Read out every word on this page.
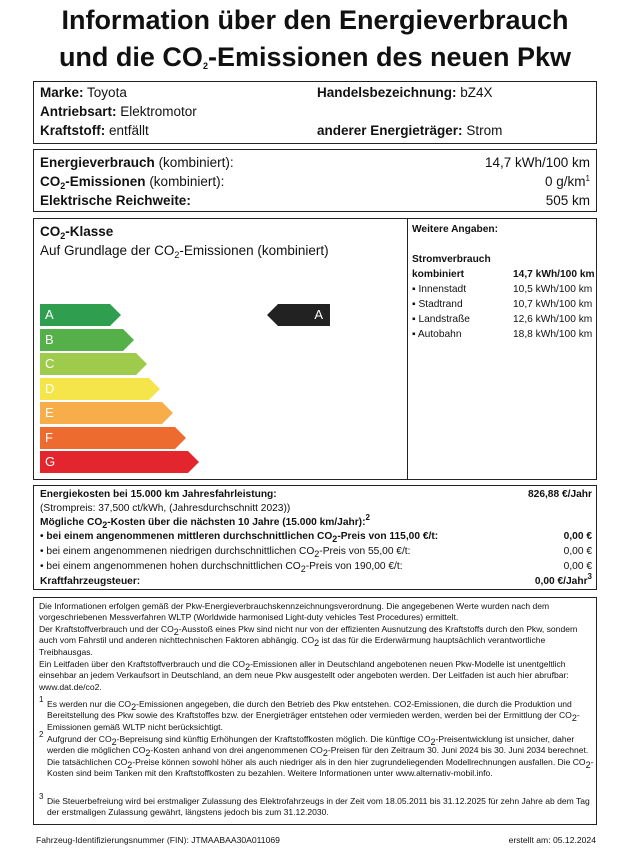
Information über den Energieverbrauch
und die $CO_2$-Emissionen des neuen Pkw
Marke: Toyota	Handelsbezeichnung: bZ4X
Antriebsart: Elektromotor
Kraftstoff: entfällt	anderer Energieträger: Strom
Energieverbrauch (kombiniert):	14,7 kWh/100 km
$CO_2$-Emissionen (kombiniert):	0 $g/km^1$
Elektrische Reichweite:	505 km
$CO_2$-Klasse
Auf Grundlage der $CO_2$-Emissionen (kombiniert)
A
B
C
D
E
F
G
A
Weitere Angaben:
Stromverbrauch
kombiniert	14,7 kWh/100 km
▪ Innenstadt	10,5 kWh/100 km
▪ Stadtrand	10,7 kWh/100 km
▪ Landstraße	12,6 kWh/100 km
▪ Autobahn	18,8 kWh/100 km
Energiekosten bei 15.000 km Jahresfahrleistung:	826,88 €/Jahr
(Strompreis: 37,500 ct/kWh, (Jahresdurchschnitt 2023))
Mögliche $CO_2$-Kosten über die nächsten 10 Jahre (15.000 km/Jahr):$^2$
• bei einem angenommenen mittleren durchschnittlichen $CO_2$-Preis von 115,00 €/t:	0,00 €
• bei einem angenommenen niedrigen durchschnittlichen $CO_2$-Preis von 55,00 €/t:	0,00 €
• bei einem angenommenen hohen durchschnittlichen $CO_2$-Preis von 190,00 €/t:	0,00 €
Kraftfahrzeugsteuer:	0,00 €/Jahr$^3$
Die Informationen erfolgen gemäß der Pkw-Energieverbrauchskennzeichnungsverordnung. Die angegebenen Werte wurden nach dem vorgeschriebenen Messverfahren WLTP (Worldwide harmonised Light-duty vehicles Test Procedures) ermittelt.
Der Kraftstoffverbrauch und der $CO_2$-Ausstoß eines Pkw sind nicht nur von der effizienten Ausnutzung des Kraftstoffs durch den Pkw, sondern auch vom Fahrstil und anderen nichttechnischen Faktoren abhängig. $CO_2$ ist das für die Erderwärmung hauptsächlich verantwortliche Treibhausgas.
Ein Leitfaden über den Kraftstoffverbrauch und die $CO_2$-Emissionen aller in Deutschland angebotenen neuen Pkw-Modelle ist unentgeltlich einsehbar an jedem Verkaufsort in Deutschland, an dem neue Pkw ausgestellt oder angeboten werden. Der Leitfaden ist auch hier abrufbar: www.dat.de/co2.
$^1$ Es werden nur die $CO_2$-Emissionen angegeben, die durch den Betrieb des Pkw entstehen. CO2-Emissionen, die durch die Produktion und Bereitstellung des Pkw sowie des Kraftstoffes bzw. der Energieträger entstehen oder vermieden werden, werden bei der Ermittlung der $CO_2$-Emissionen gemäß WLTP nicht berücksichtigt.
$^2$ Aufgrund der $CO_2$-Bepreisung sind künftig Erhöhungen der Kraftstoffkosten möglich. Die künftige $CO_2$-Preisentwicklung ist unsicher, daher werden die möglichen $CO_2$-Kosten anhand von drei angenommenen $CO_2$-Preisen für den Zeitraum 30. Juni 2024 bis 30. Juni 2034 berechnet. Die tatsächlichen $CO_2$-Preise können sowohl höher als auch niedriger als in den hier zugrundeliegenden Modellrechnungen ausfallen. Die $CO_2$-Kosten sind beim Tanken mit den Kraftstoffkosten zu bezahlen. Weitere Informationen unter www.alternativ-mobil.info.
$^3$ Die Steuerbefreiung wird bei erstmaliger Zulassung des Elektrofahrzeugs in der Zeit vom 18.05.2011 bis 31.12.2025 für zehn Jahre ab dem Tag der erstmaligen Zulassung gewährt, längstens jedoch bis zum 31.12.2030.
Fahrzeug-Identifizierungsnummer (FIN): JTMAABAA30A011069	erstellt am: 05.12.2024
